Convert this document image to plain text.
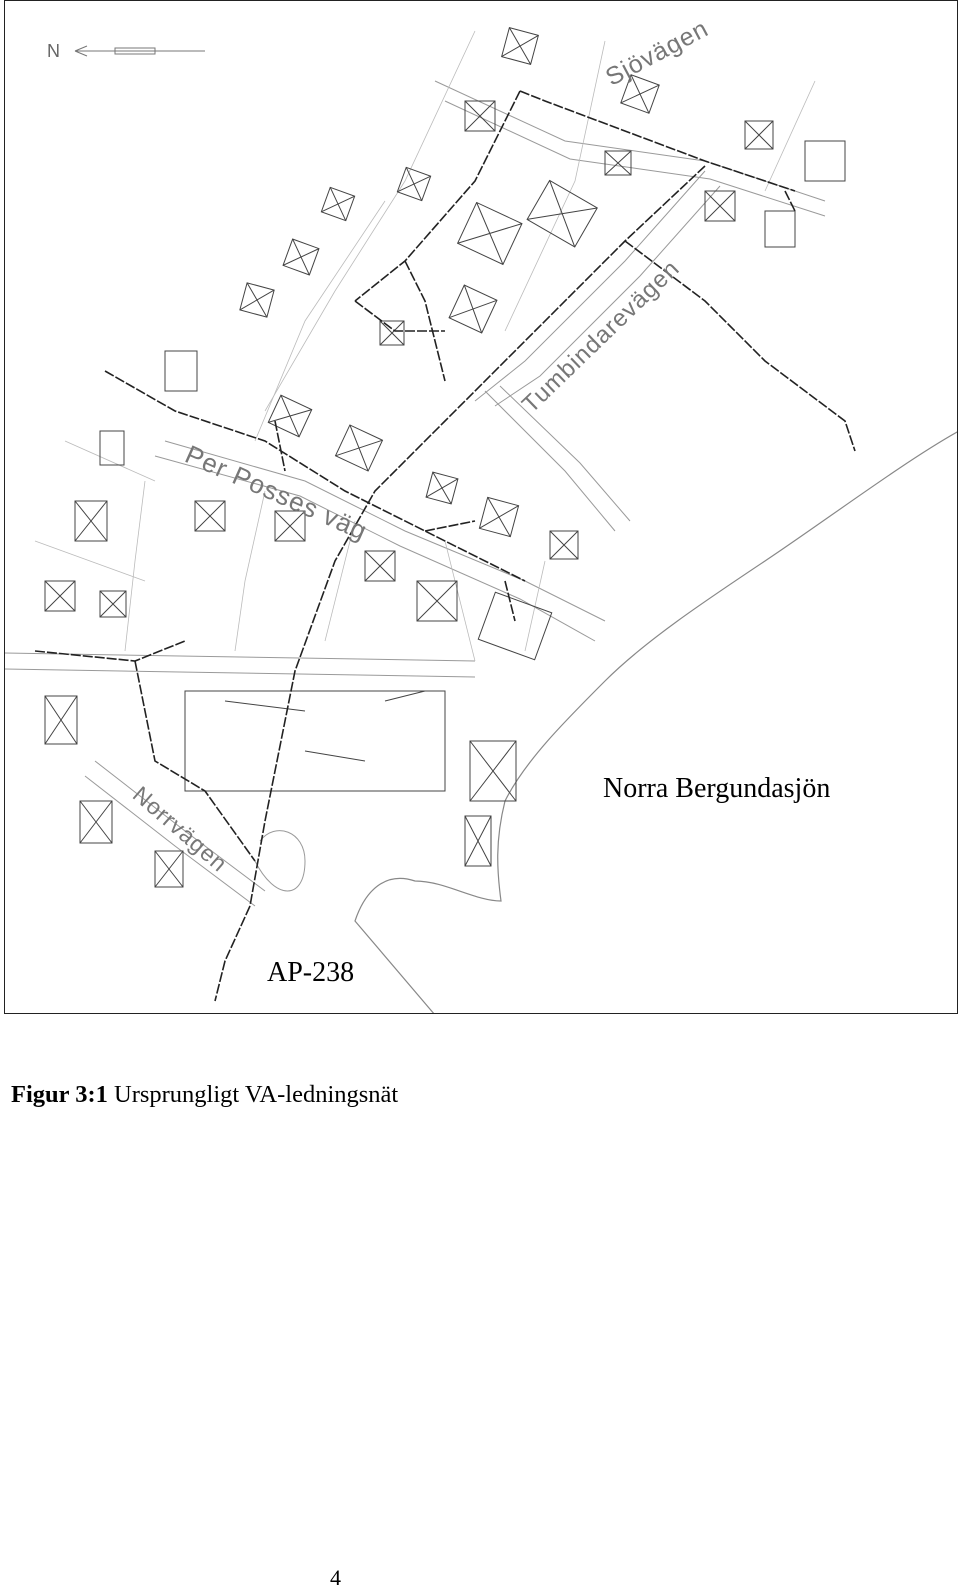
N	Sjövägen
Tumbindarevägen
Per Posses väg
Norrvägen	Norra Bergundasjön
AP-238
Figur 3:1 Ursprungligt VA-ledningsnät
4
